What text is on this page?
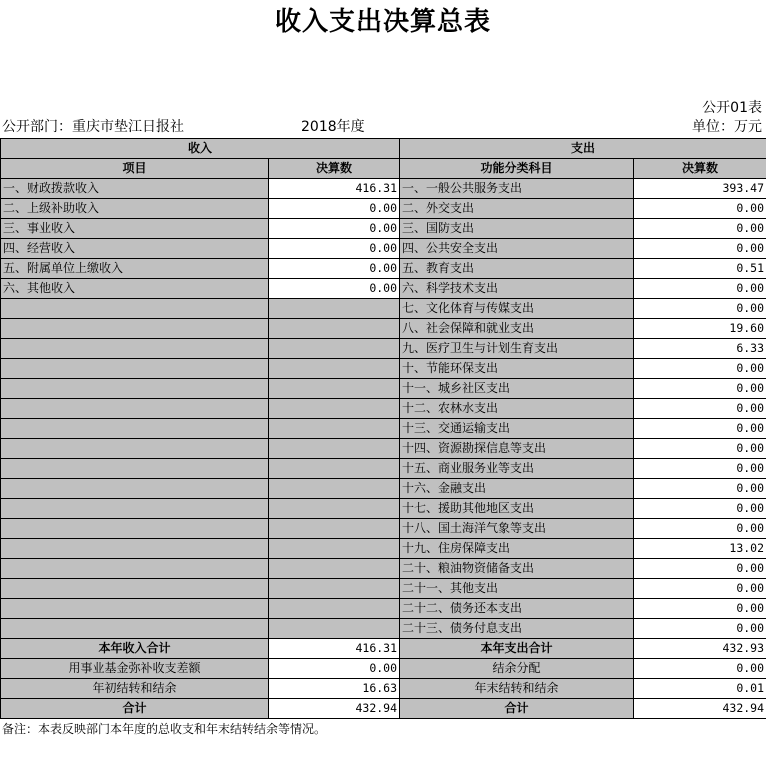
收入支出决算总表
公开01表
公开部门：重庆市垫江日报社	2018年度	单位：万元
收入		支出	
项目	决算数	功能分类科目	决算数
一、财政拨款收入	416.31	一、一般公共服务支出	393.47
二、上级补助收入	0.00	二、外交支出	0.00
三、事业收入	0.00	三、国防支出	0.00
四、经营收入	0.00	四、公共安全支出	0.00
五、附属单位上缴收入	0.00	五、教育支出	0.51
六、其他收入	0.00	六、科学技术支出	0.00
		七、文化体育与传媒支出	0.00
		八、社会保障和就业支出	19.60
		九、医疗卫生与计划生育支出	6.33
		十、节能环保支出	0.00
		十一、城乡社区支出	0.00
		十二、农林水支出	0.00
		十三、交通运输支出	0.00
		十四、资源勘探信息等支出	0.00
		十五、商业服务业等支出	0.00
		十六、金融支出	0.00
		十七、援助其他地区支出	0.00
		十八、国土海洋气象等支出	0.00
		十九、住房保障支出	13.02
		二十、粮油物资储备支出	0.00
		二十一、其他支出	0.00
		二十二、债务还本支出	0.00
		二十三、债务付息支出	0.00
本年收入合计	416.31	本年支出合计	432.93
用事业基金弥补收支差额	0.00	结余分配	0.00
年初结转和结余	16.63	年末结转和结余	0.01
合计	432.94	合计	432.94
备注：本表反映部门本年度的总收支和年末结转结余等情况。
